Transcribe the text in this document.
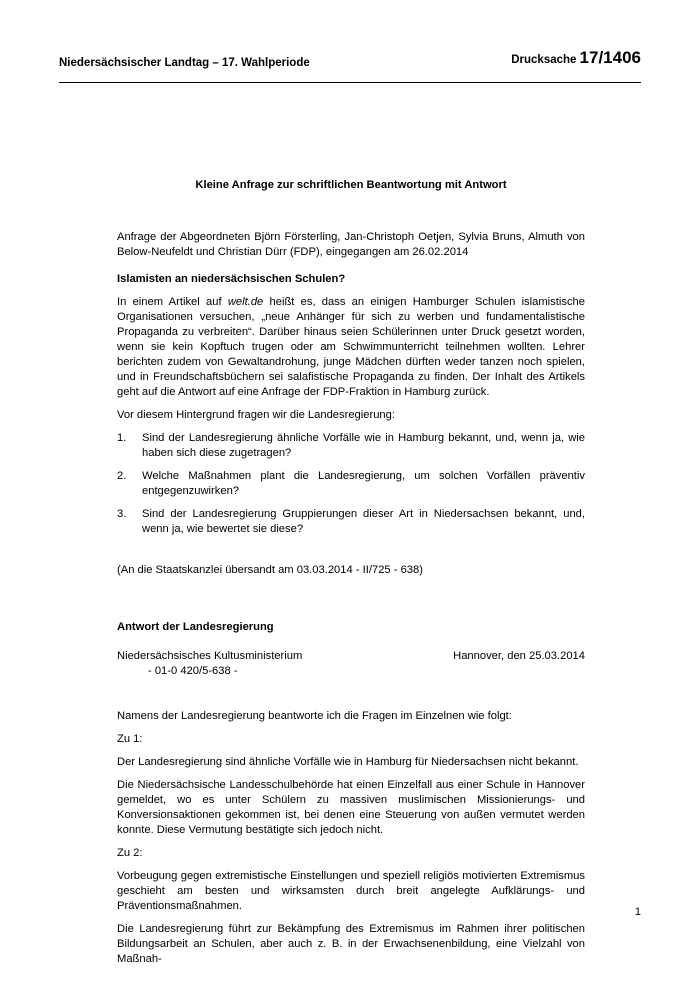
Niedersächsischer Landtag – 17. Wahlperiode	Drucksache 17/1406

Kleine Anfrage zur schriftlichen Beantwortung mit Antwort

Anfrage der Abgeordneten Björn Försterling, Jan-Christoph Oetjen, Sylvia Bruns, Almuth von Below-Neufeldt und Christian Dürr (FDP), eingegangen am 26.02.2014

Islamisten an niedersächsischen Schulen?

In einem Artikel auf welt.de heißt es, dass an einigen Hamburger Schulen islamistische Organisationen versuchen, „neue Anhänger für sich zu werben und fundamentalistische Propaganda zu verbreiten“. Darüber hinaus seien Schülerinnen unter Druck gesetzt worden, wenn sie kein Kopftuch trugen oder am Schwimmunterricht teilnehmen wollten. Lehrer berichten zudem von Gewaltandrohung, junge Mädchen dürften weder tanzen noch spielen, und in Freundschaftsbüchern sei salafistische Propaganda zu finden. Der Inhalt des Artikels geht auf die Antwort auf eine Anfrage der FDP-Fraktion in Hamburg zurück.

Vor diesem Hintergrund fragen wir die Landesregierung:

1. Sind der Landesregierung ähnliche Vorfälle wie in Hamburg bekannt, und, wenn ja, wie haben sich diese zugetragen?
2. Welche Maßnahmen plant die Landesregierung, um solchen Vorfällen präventiv entgegenzuwirken?
3. Sind der Landesregierung Gruppierungen dieser Art in Niedersachsen bekannt, und, wenn ja, wie bewertet sie diese?

(An die Staatskanzlei übersandt am 03.03.2014 - II/725 - 638)

Antwort der Landesregierung

Niedersächsisches Kultusministerium	Hannover, den 25.03.2014
- 01-0 420/5-638 -

Namens der Landesregierung beantworte ich die Fragen im Einzelnen wie folgt:

Zu 1:

Der Landesregierung sind ähnliche Vorfälle wie in Hamburg für Niedersachsen nicht bekannt.

Die Niedersächsische Landesschulbehörde hat einen Einzelfall aus einer Schule in Hannover gemeldet, wo es unter Schülern zu massiven muslimischen Missionierungs- und Konversionsaktionen gekommen ist, bei denen eine Steuerung von außen vermutet werden konnte. Diese Vermutung bestätigte sich jedoch nicht.

Zu 2:

Vorbeugung gegen extremistische Einstellungen und speziell religiös motivierten Extremismus geschieht am besten und wirksamsten durch breit angelegte Aufklärungs- und Präventionsmaßnahmen.

Die Landesregierung führt zur Bekämpfung des Extremismus im Rahmen ihrer politischen Bildungsarbeit an Schulen, aber auch z. B. in der Erwachsenenbildung, eine Vielzahl von Maßnah-

1
